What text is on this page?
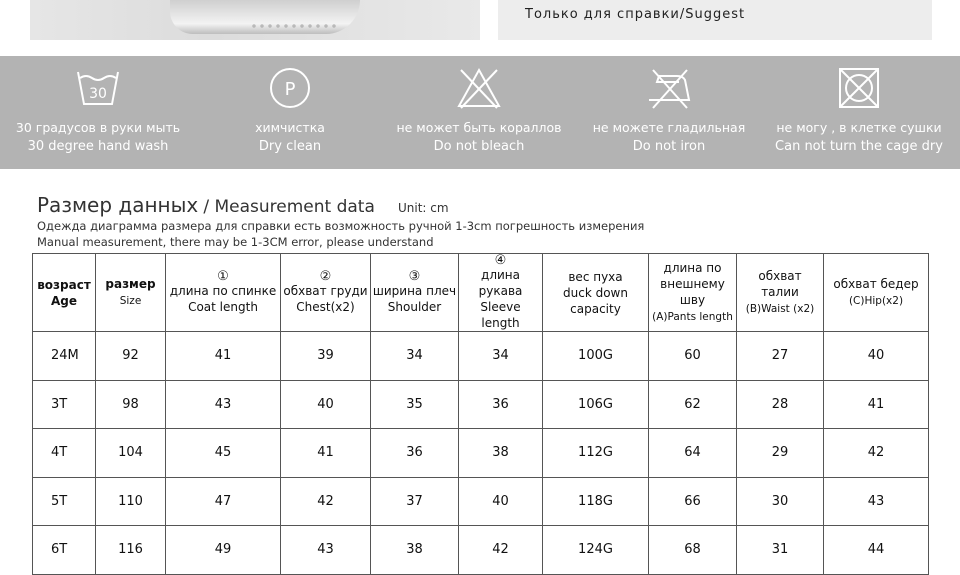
Только для справки/Suggest
30
30 градусов в руки мыть
30 degree hand wash
P
химчистка
Dry clean
не может быть кораллов
Do not bleach
не можете гладильная
Do not iron
не могу , в клетке сушки
Can not turn the cage dry
Размер данных / Measurement data Unit: cm
Одежда диаграмма размера для справки есть возможность ручной 1-3cm погрешность измерения
Manual measurement, there may be 1-3CM error, please understand
возраст
Age	размер
Size	①
длина по спинке
Coat length	②
обхват груди
Chest(x2)	③
ширина плеч
Shoulder	④
длина рукава
Sleeve length	вес пуха
duck down
capacity	длина по
внешнему шву
(A)Pants length	обхват талии
(B)Waist (x2)	обхват бедер
(C)Hip(x2)
24M	92	41	39	34	34	100G	60	27	40
3T	98	43	40	35	36	106G	62	28	41
4T	104	45	41	36	38	112G	64	29	42
5T	110	47	42	37	40	118G	66	30	43
6T	116	49	43	38	42	124G	68	31	44
